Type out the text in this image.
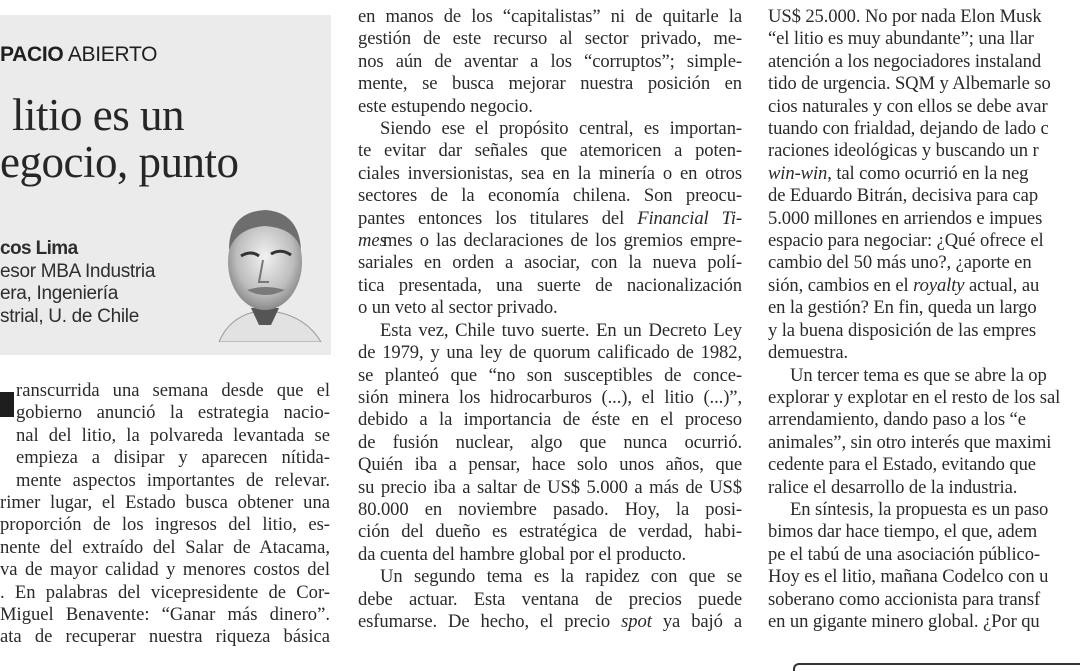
PACIO ABIERTO
litio es un
egocio, punto
cos Lima
esor MBA Industria
era, Ingeniería
strial, U. de Chile
ranscurrida una semana desde que el
gobierno anunció la estrategia nacio-
nal del litio, la polvareda levantada se
empieza a disipar y aparecen nítida-
mente aspectos importantes de relevar.
rimer lugar, el Estado busca obtener una
proporción de los ingresos del litio, es-
nente del extraído del Salar de Atacama,
va de mayor calidad y menores costos del
. En palabras del vicepresidente de Cor-
Miguel Benavente: “Ganar más dinero”.
ata de recuperar nuestra riqueza básica
en manos de los “capitalistas” ni de quitarle la
gestión de este recurso al sector privado, me-
nos aún de aventar a los “corruptos”; simple-
mente, se busca mejorar nuestra posición en
este estupendo negocio.
Siendo ese el propósito central, es importan-
te evitar dar señales que atemoricen a poten-
ciales inversionistas, sea en la minería o en otros
sectores de la economía chilena. Son preocu-
pantes entonces los titulares del Financial Ti-
mesmes o las declaraciones de los gremios empre-
sariales en orden a asociar, con la nueva polí-
tica presentada, una suerte de nacionalización
o un veto al sector privado.
Esta vez, Chile tuvo suerte. En un Decreto Ley
de 1979, y una ley de quorum calificado de 1982,
se planteó que “no son susceptibles de conce-
sión minera los hidrocarburos (...), el litio (...)”,
debido a la importancia de éste en el proceso
de fusión nuclear, algo que nunca ocurrió.
Quién iba a pensar, hace solo unos años, que
su precio iba a saltar de US$ 5.000 a más de US$
80.000 en noviembre pasado. Hoy, la posi-
ción del dueño es estratégica de verdad, habi-
da cuenta del hambre global por el producto.
Un segundo tema es la rapidez con que se
debe actuar. Esta ventana de precios puede
esfumarse. De hecho, el precio spot ya bajó a
US$ 25.000. No por nada Elon Musk
“el litio es muy abundante”; una llar
atención a los negociadores instaland
tido de urgencia. SQM y Albemarle so
cios naturales y con ellos se debe avar
tuando con frialdad, dejando de lado c
raciones ideológicas y buscando un r
win-win, tal como ocurrió en la neg
de Eduardo Bitrán, decisiva para cap
5.000 millones en arriendos e impues
espacio para negociar: ¿Qué ofrece el
cambio del 50 más uno?, ¿aporte en
sión, cambios en el royalty actual, au
en la gestión? En fin, queda un largo
y la buena disposición de las empres
demuestra.
Un tercer tema es que se abre la op
explorar y explotar en el resto de los sal
arrendamiento, dando paso a los “e
animales”, sin otro interés que maximi
cedente para el Estado, evitando que
ralice el desarrollo de la industria.
En síntesis, la propuesta es un paso
bimos dar hace tiempo, el que, adem
pe el tabú de una asociación público-
Hoy es el litio, mañana Codelco con u
soberano como accionista para transf
en un gigante minero global. ¿Por qu
